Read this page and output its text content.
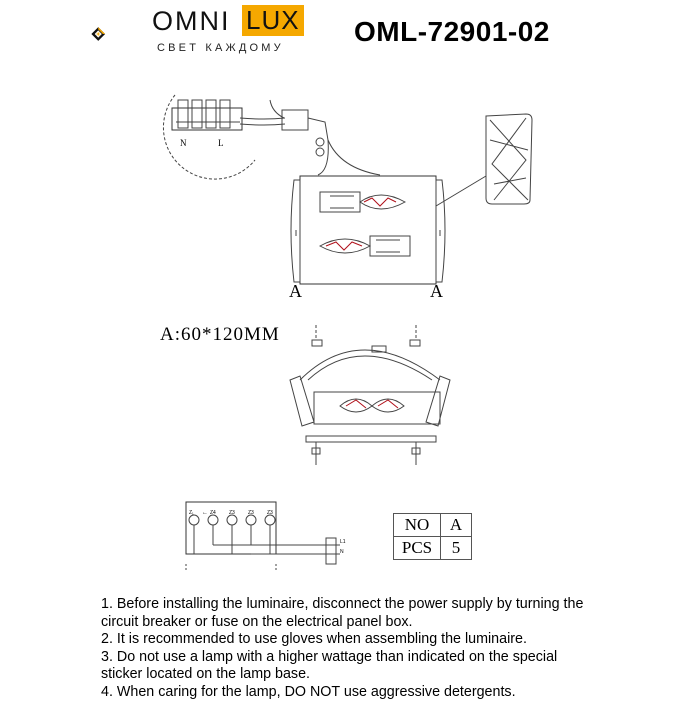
OMNI LUX
СВЕТ КАЖДОМУ
OML-72901-02
N	L
A	A
Z₁ ← Z4	Z3	Z3	Z3
L1
N
A:60*120MM
NO	A
PCS	5

1. Before installing the luminaire, disconnect the power supply by turning the circuit breaker or fuse on the electrical panel box.

2. It is recommended to use gloves when assembling the luminaire.

3. Do not use a lamp with a higher wattage than indicated on the special sticker located on the lamp base.

4. When caring for the lamp, DO NOT use aggressive detergents.
